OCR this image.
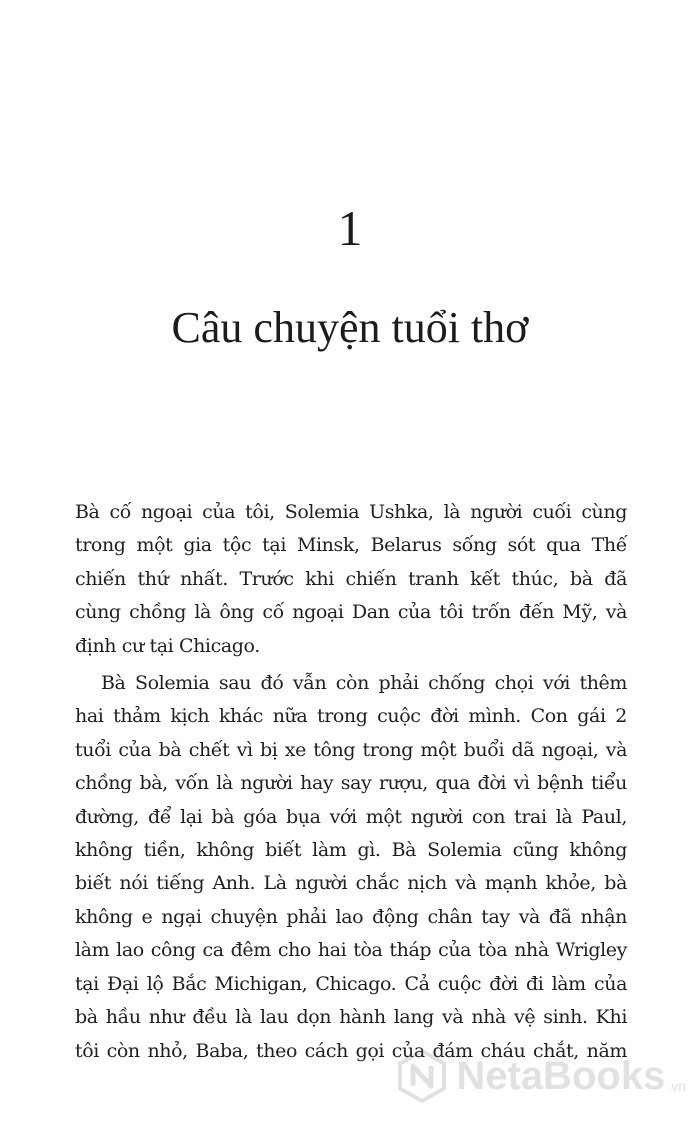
1
Câu chuyện tuổi thơ
Bà cố ngoại của tôi, Solemia Ushka, là người cuối cùng
trong một gia tộc tại Minsk, Belarus sống sót qua Thế
chiến thứ nhất. Trước khi chiến tranh kết thúc, bà đã
cùng chồng là ông cố ngoại Dan của tôi trốn đến Mỹ, và
định cư tại Chicago.
Bà Solemia sau đó vẫn còn phải chống chọi với thêm
hai thảm kịch khác nữa trong cuộc đời mình. Con gái 2
tuổi của bà chết vì bị xe tông trong một buổi dã ngoại, và
chồng bà, vốn là người hay say rượu, qua đời vì bệnh tiểu
đường, để lại bà góa bụa với một người con trai là Paul,
không tiền, không biết làm gì. Bà Solemia cũng không
biết nói tiếng Anh. Là người chắc nịch và mạnh khỏe, bà
không e ngại chuyện phải lao động chân tay và đã nhận
làm lao công ca đêm cho hai tòa tháp của tòa nhà Wrigley
tại Đại lộ Bắc Michigan, Chicago. Cả cuộc đời đi làm của
bà hầu như đều là lau dọn hành lang và nhà vệ sinh. Khi
tôi còn nhỏ, Baba, theo cách gọi của đám cháu chắt, năm
NetaBooks .vn
